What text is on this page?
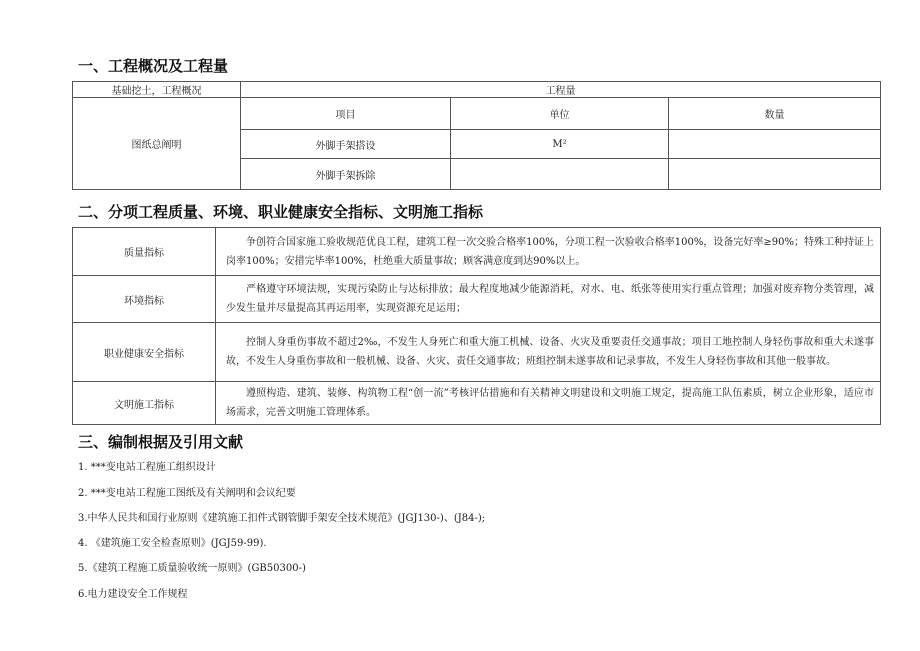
一、工程概况及工程量
基础挖土，工程概况	工程量		
图纸总阐明	项目	单位	数量
	外脚手架搭设	M²	
	外脚手架拆除		
二、分项工程质量、环境、职业健康安全指标、文明施工指标
质量指标	争创符合国家施工验收规范优良工程，建筑工程一次交验合格率100%，分项工程一次验收合格率100%，设备完好率≥90%；特殊工种持证上岗率100%；安措完毕率100%，杜绝重大质量事故；顾客满意度到达90%以上。
环境指标	严格遵守环境法规，实现污染防止与达标排放；最大程度地减少能源消耗，对水、电、纸张等使用实行重点管理；加强对废弃物分类管理，减少发生量并尽量提高其再运用率，实现资源充足运用；
职业健康安全指标	控制人身重伤事故不超过2‰，不发生人身死亡和重大施工机械、设备、火灾及重要责任交通事故；项目工地控制人身轻伤事故和重大未遂事故，不发生人身重伤事故和一般机械、设备、火灾、责任交通事故；班组控制未遂事故和记录事故，不发生人身轻伤事故和其他一般事故。
文明施工指标	遵照构造、建筑、装修、构筑物工程“创一流”考核评估措施和有关精神文明建设和文明施工规定，提高施工队伍素质，树立企业形象，适应市场需求，完善文明施工管理体系。
三、编制根据及引用文献

1. ***变电站工程施工组织设计

2. ***变电站工程施工图纸及有关阐明和会议纪要

3.中华人民共和国行业原则《建筑施工扣件式钢管脚手架安全技术规范》(JGJ130-)、(J84-);

4. 《建筑施工安全检查原则》(JGJ59-99).

5.《建筑工程施工质量验收统一原则》(GB50300-)

6.电力建设安全工作规程
